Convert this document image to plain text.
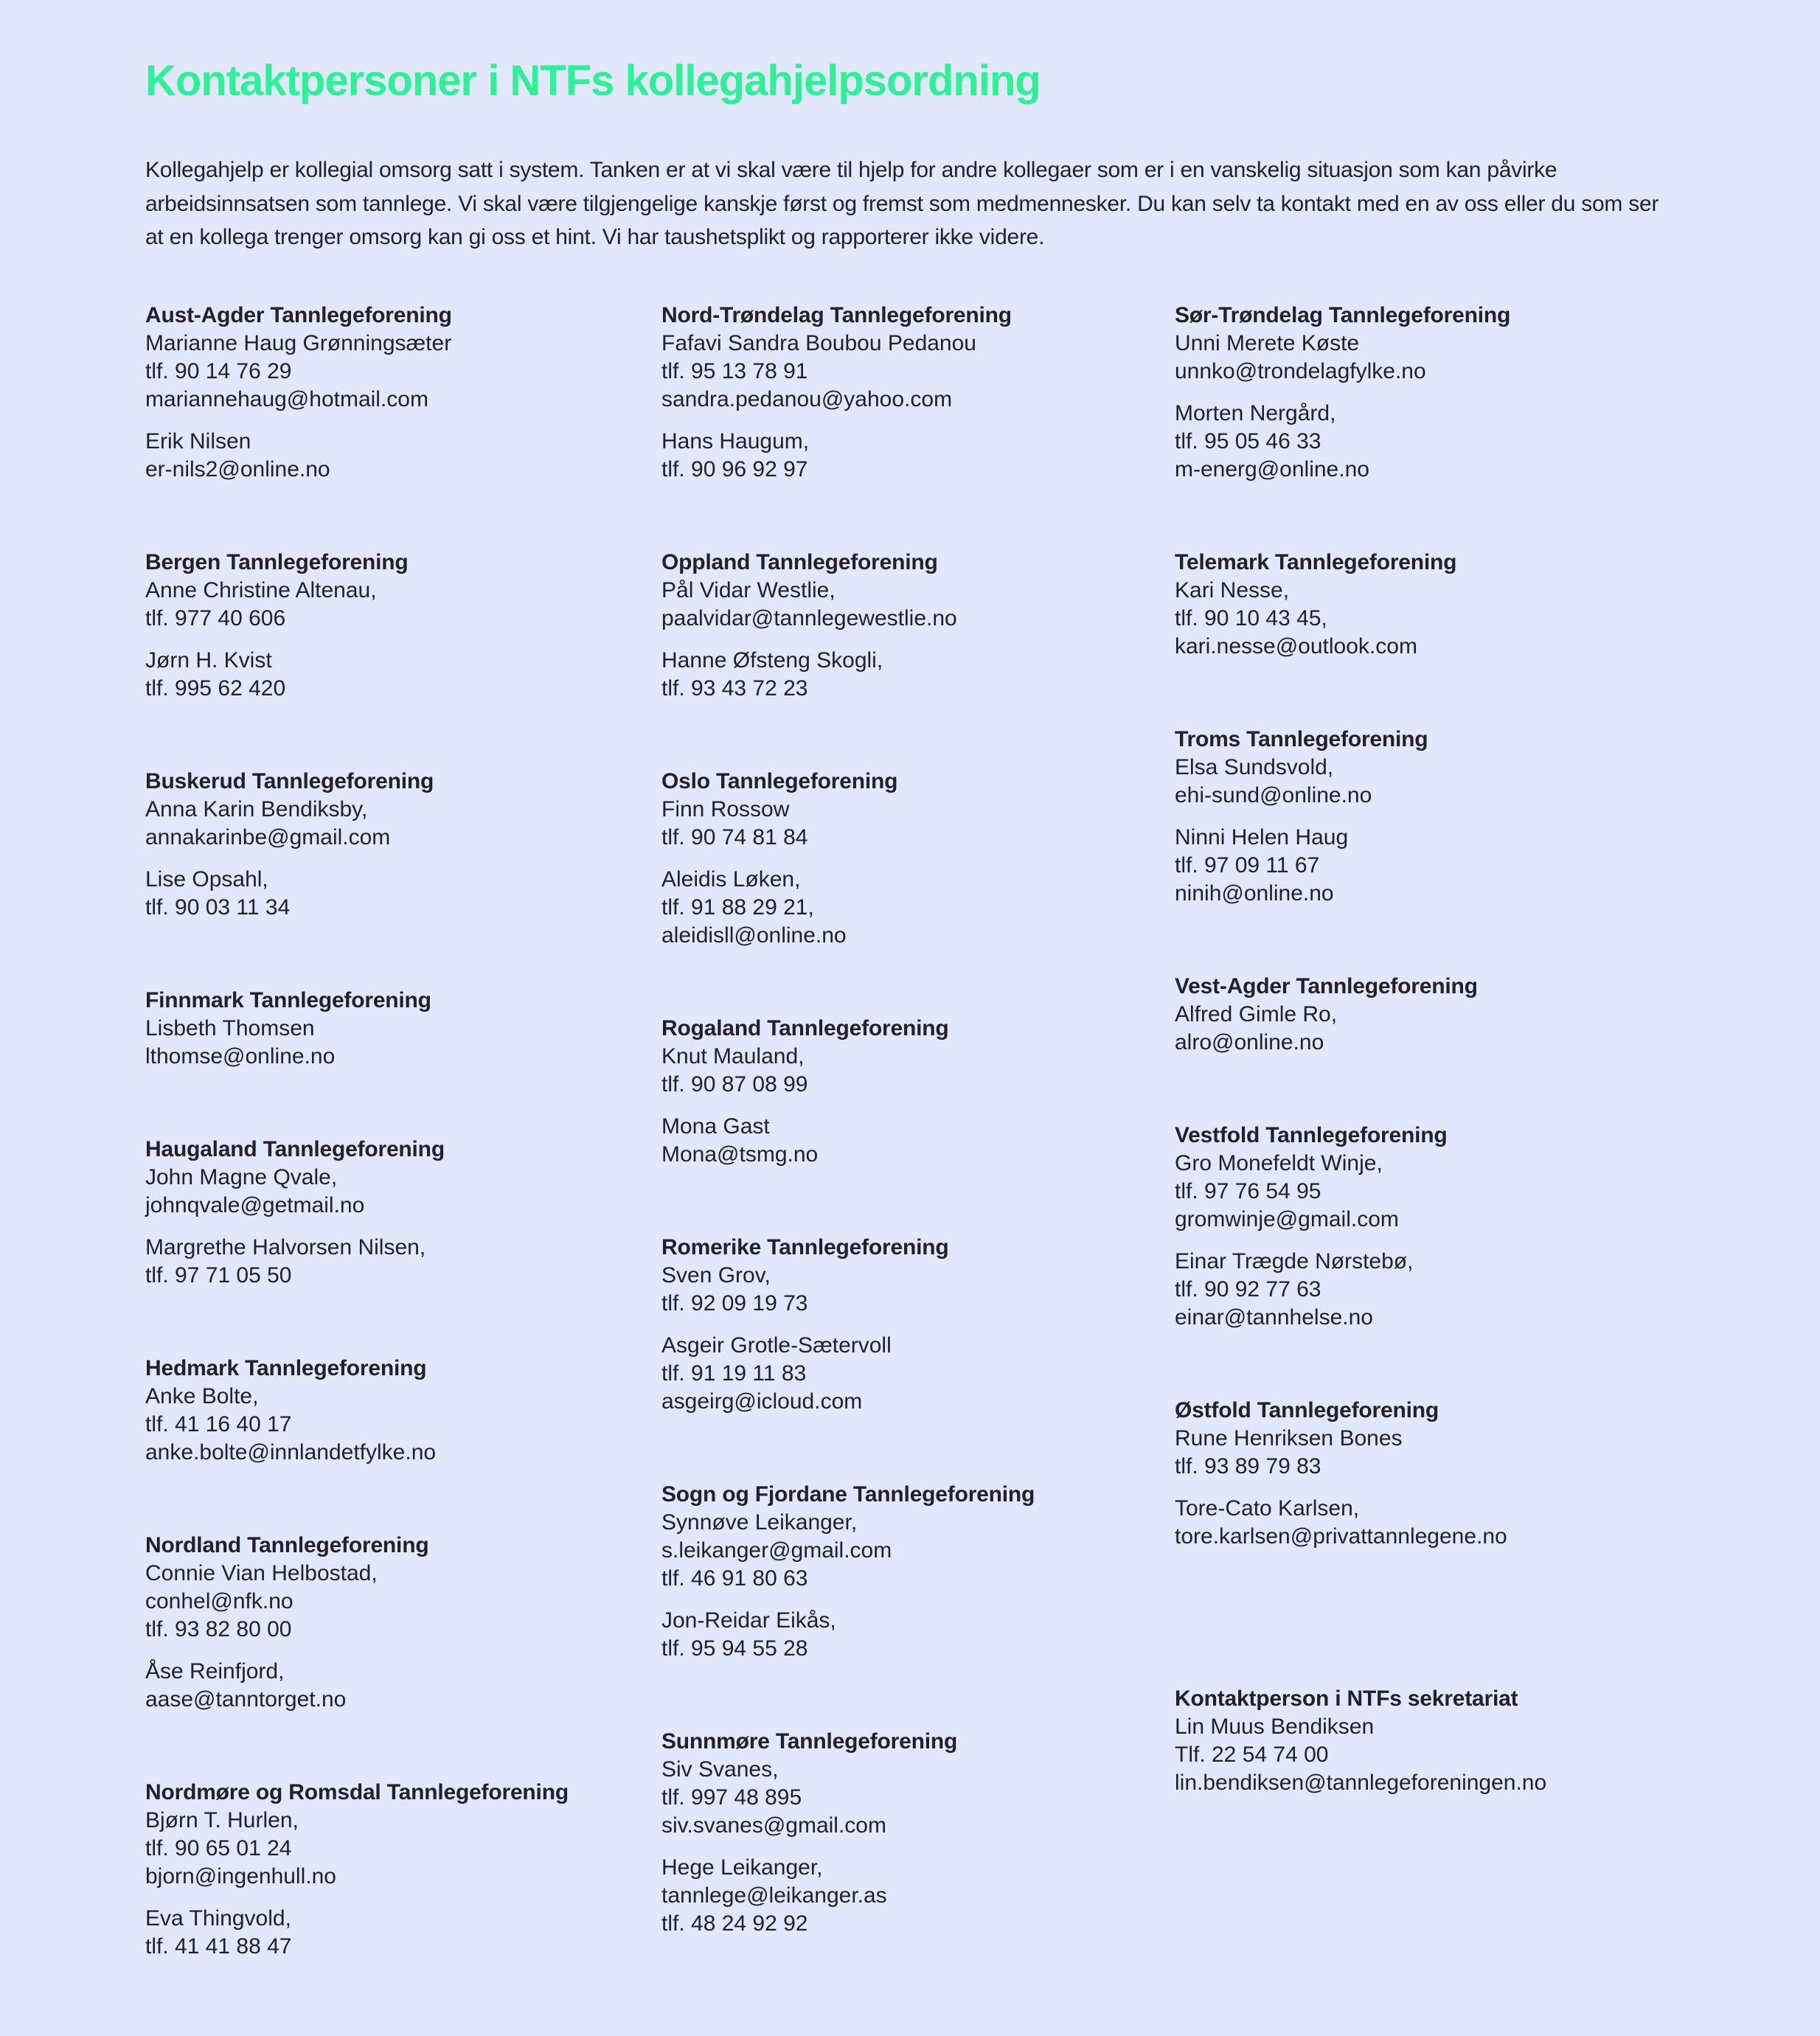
Kontaktpersoner i NTFs kollegahjelpsordning

Kollegahjelp er kollegial omsorg satt i system. Tanken er at vi skal være til hjelp for andre kollegaer som er i en vanskelig situasjon som kan påvirke arbeidsinnsatsen som tannlege. Vi skal være tilgjengelige kanskje først og fremst som medmennesker. Du kan selv ta kontakt med en av oss eller du som ser at en kollega trenger omsorg kan gi oss et hint. Vi har taushetsplikt og rapporterer ikke videre.

Aust-Agder Tannlegeforening
Marianne Haug Grønningsæter
tlf. 90 14 76 29
mariannehaug@hotmail.com
Erik Nilsen
er-nils2@online.no
Bergen Tannlegeforening
Anne Christine Altenau,
tlf. 977 40 606
Jørn H. Kvist
tlf. 995 62 420
Buskerud Tannlegeforening
Anna Karin Bendiksby,
annakarinbe@gmail.com
Lise Opsahl,
tlf. 90 03 11 34
Finnmark Tannlegeforening
Lisbeth Thomsen
lthomse@online.no
Haugaland Tannlegeforening
John Magne Qvale,
johnqvale@getmail.no
Margrethe Halvorsen Nilsen,
tlf. 97 71 05 50
Hedmark Tannlegeforening
Anke Bolte,
tlf. 41 16 40 17
anke.bolte@innlandetfylke.no
Nordland Tannlegeforening
Connie Vian Helbostad,
conhel@nfk.no
tlf. 93 82 80 00
Åse Reinfjord,
aase@tanntorget.no
Nordmøre og Romsdal Tannlegeforening
Bjørn T. Hurlen,
tlf. 90 65 01 24
bjorn@ingenhull.no
Eva Thingvold,
tlf. 41 41 88 47
Nord-Trøndelag Tannlegeforening
Fafavi Sandra Boubou Pedanou
tlf. 95 13 78 91
sandra.pedanou@yahoo.com
Hans Haugum,
tlf. 90 96 92 97
Oppland Tannlegeforening
Pål Vidar Westlie,
paalvidar@tannlegewestlie.no
Hanne Øfsteng Skogli,
tlf. 93 43 72 23
Oslo Tannlegeforening
Finn Rossow
tlf. 90 74 81 84
Aleidis Løken,
tlf. 91 88 29 21,
aleidisll@online.no
Rogaland Tannlegeforening
Knut Mauland,
tlf. 90 87 08 99
Mona Gast
Mona@tsmg.no
Romerike Tannlegeforening
Sven Grov,
tlf. 92 09 19 73
Asgeir Grotle-Sætervoll
tlf. 91 19 11 83
asgeirg@icloud.com
Sogn og Fjordane Tannlegeforening
Synnøve Leikanger,
s.leikanger@gmail.com
tlf. 46 91 80 63
Jon-Reidar Eikås,
tlf. 95 94 55 28
Sunnmøre Tannlegeforening
Siv Svanes,
tlf. 997 48 895
siv.svanes@gmail.com
Hege Leikanger,
tannlege@leikanger.as
tlf. 48 24 92 92
Sør-Trøndelag Tannlegeforening
Unni Merete Køste
unnko@trondelagfylke.no
Morten Nergård,
tlf. 95 05 46 33
m-energ@online.no
Telemark Tannlegeforening
Kari Nesse,
tlf. 90 10 43 45,
kari.nesse@outlook.com
Troms Tannlegeforening
Elsa Sundsvold,
ehi-sund@online.no
Ninni Helen Haug
tlf. 97 09 11 67
ninih@online.no
Vest-Agder Tannlegeforening
Alfred Gimle Ro,
alro@online.no
Vestfold Tannlegeforening
Gro Monefeldt Winje,
tlf. 97 76 54 95
gromwinje@gmail.com
Einar Trægde Nørstebø,
tlf. 90 92 77 63
einar@tannhelse.no
Østfold Tannlegeforening
Rune Henriksen Bones
tlf. 93 89 79 83
Tore-Cato Karlsen,
tore.karlsen@privattannlegene.no
Kontaktperson i NTFs sekretariat
Lin Muus Bendiksen
Tlf. 22 54 74 00
lin.bendiksen@tannlegeforeningen.no
